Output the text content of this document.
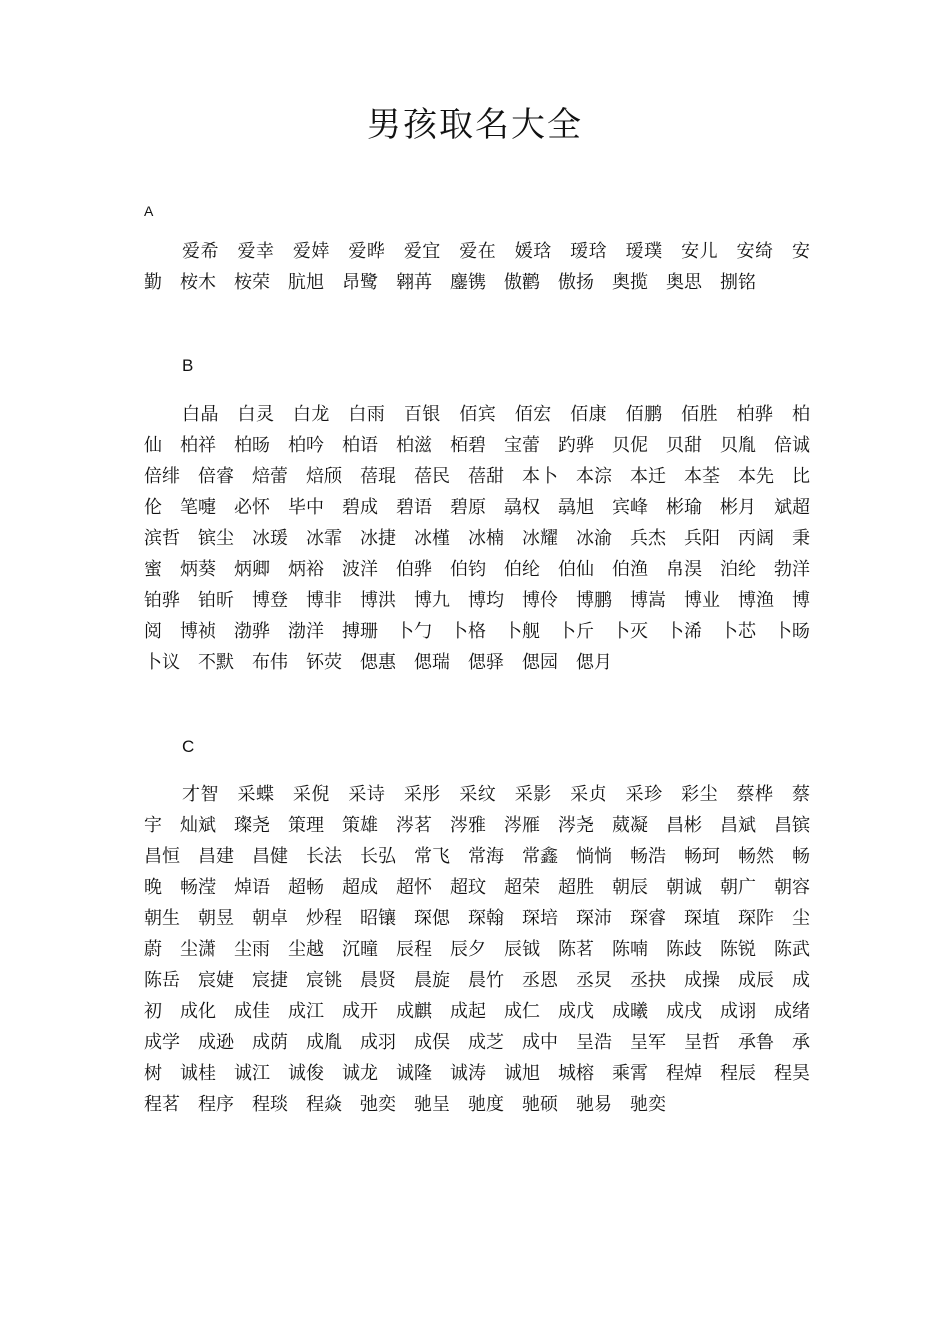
男孩取名大全
A

爱希　爱幸　爱婞　爱晔　爱宜　爱在　媛琀　瑷琀　瑷璞　安儿　安绮　安勤　桉木　桉荣　肮旭　昂鹭　翱苒　鏖镌　傲鹳　傲扬　奥揽　奥思　捌铭

B

白晶　白灵　白龙　白雨　百银　佰宾　佰宏　佰康　佰鹏　佰胜　柏骅　柏仙　柏祥　柏旸　柏吟　柏语　柏滋　栢碧　宝蕾　趵骅　贝伲　贝甜　贝胤　倍诚　倍绯　倍睿　焙蕾　焙颀　蓓琨　蓓民　蓓甜　本卜　本淙　本迁　本荃　本先　比伦　笔嚏　必怀　毕中　碧成　碧语　碧原　骉权　骉旭　宾峰　彬瑜　彬月　斌超　滨哲　镔尘　冰瑗　冰霏　冰捷　冰槿　冰楠　冰耀　冰渝　兵杰　兵阳　丙阔　秉蜜　炳葵　炳卿　炳裕　波洋　伯骅　伯钧　伯纶　伯仙　伯渔　帛淏　泊纶　勃洋　铂骅　铂昕　博登　博非　博洪　博九　博均　博伶　博鹏　博嵩　博业　博渔　博阅　博祯　渤骅　渤洋　搏珊　卜勹　卜格　卜舰　卜斤　卜灭　卜浠　卜芯　卜旸　卜议　不默　布伟　钚荧　偲惠　偲瑞　偲驿　偲园　偲月

C

才智　采蝶　采倪　采诗　采彤　采纹　采影　采贞　采珍　彩尘　蔡桦　蔡宇　灿斌　璨尧　策理　策雄　涔茗　涔雅　涔雁　涔尧　葳凝　昌彬　昌斌　昌镔　昌恒　昌建　昌健　长法　长弘　常飞　常海　常鑫　惝惝　畅浩　畅珂　畅然　畅晚　畅滢　焯语　超畅　超成　超怀　超玟　超荣　超胜　朝辰　朝诚　朝广　朝容　朝生　朝昱　朝卓　炒程　昭镶　琛偲　琛翰　琛培　琛沛　琛睿　琛埴　琛阼　尘蔚　尘潇　尘雨　尘越　沉曈　辰程　辰夕　辰钺　陈茗　陈喃　陈歧　陈锐　陈武　陈岳　宸婕　宸捷　宸铫　晨贤　晨旋　晨竹　丞恩　丞炅　丞抉　成操　成辰　成初　成化　成佳　成江　成开　成麒　成起　成仁　成戊　成曦　成戌　成诩　成绪　成学　成逊　成荫　成胤　成羽　成俣　成芝　成中　呈浩　呈军　呈哲　承鲁　承树　诚桂　诚江　诚俊　诚龙　诚隆　诚涛　诚旭　城榕　乘霄　程焯　程辰　程昊　程茗　程序　程琰　程焱　弛奕　驰呈　驰度　驰硕　驰易　驰奕
